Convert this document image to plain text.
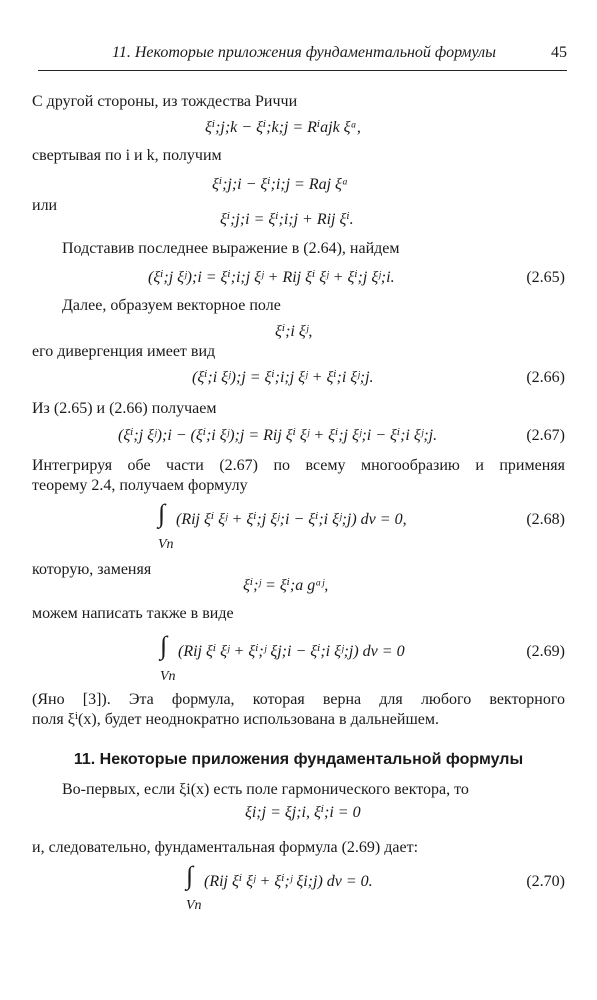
11. Некоторые приложения фундаментальной формулы	45
С другой стороны, из тождества Риччи
ξⁱ;j;k − ξⁱ;k;j = Rⁱajk ξᵃ,
свертывая по i и k, получим
ξⁱ;j;i − ξⁱ;i;j = Raj ξᵃ
или
ξⁱ;j;i = ξⁱ;i;j + Rij ξⁱ.
Подставив последнее выражение в (2.64), найдем
(ξⁱ;j ξʲ);i = ξⁱ;i;j ξʲ + Rij ξⁱ ξʲ + ξⁱ;j ξʲ;i.	(2.65)
Далее, образуем векторное поле
ξⁱ;i ξʲ,
его дивергенция имеет вид
(ξⁱ;i ξʲ);j = ξⁱ;i;j ξʲ + ξⁱ;i ξʲ;j.	(2.66)
Из (2.65) и (2.66) получаем
(ξⁱ;j ξʲ);i − (ξⁱ;i ξʲ);j = Rij ξⁱ ξʲ + ξⁱ;j ξʲ;i − ξⁱ;i ξʲ;j.	(2.67)
Интегрируя обе части (2.67) по всему многообразию и применяя
теорему 2.4, получаем формулу
∫ (Rij ξⁱ ξʲ + ξⁱ;j ξʲ;i − ξⁱ;i ξʲ;j) dv = 0,
Vn
(2.68)
которую, заменяя
ξⁱ;ʲ = ξⁱ;a gᵃʲ,
можем написать также в виде
∫ (Rij ξⁱ ξʲ + ξⁱ;ʲ ξj;i − ξⁱ;i ξʲ;j) dv = 0
Vn
(2.69)
(Яно [3]). Эта формула, которая верна для любого векторного
поля ξⁱ(x), будет неоднократно использована в дальнейшем.
11. Некоторые приложения фундаментальной формулы
Во-первых, если ξi(x) есть поле гармонического вектора, то
ξi;j = ξj;i, ξⁱ;i = 0
и, следовательно, фундаментальная формула (2.69) дает:
∫ (Rij ξⁱ ξʲ + ξⁱ;ʲ ξi;j) dv = 0.
Vn
(2.70)
